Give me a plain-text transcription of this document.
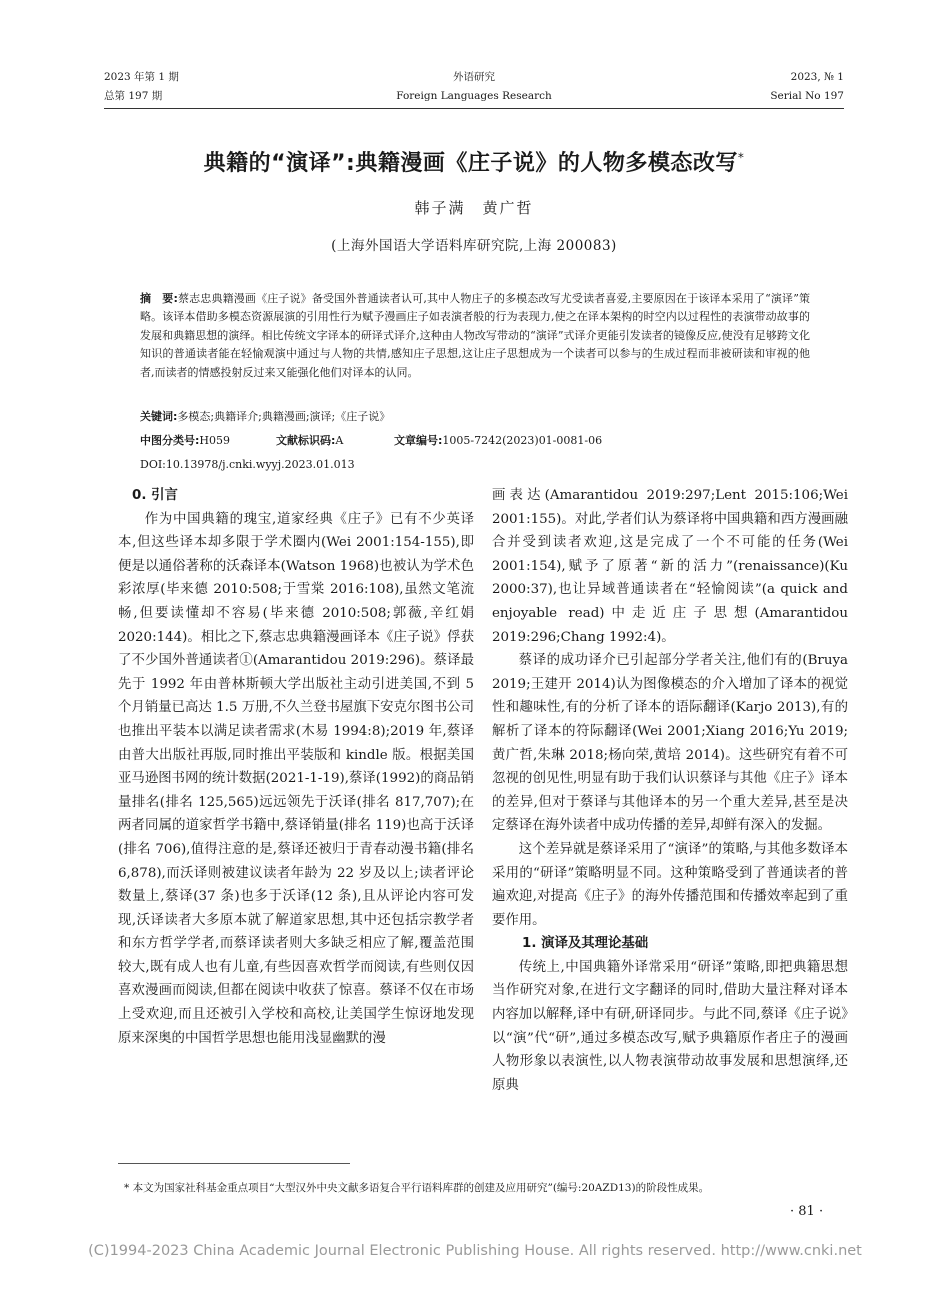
2023 年第 1 期
总第 197 期
外语研究
Foreign Languages Research
2023, № 1
Serial No 197
典籍的“演译”:典籍漫画《庄子说》的人物多模态改写*
韩子满　黄广哲
(上海外国语大学语料库研究院,上海 200083)
摘　要:蔡志忠典籍漫画《庄子说》备受国外普通读者认可,其中人物庄子的多模态改写尤受读者喜爱,主要原因在于该译本采用了“演译”策略。该译本借助多模态资源展演的引用性行为赋予漫画庄子如表演者般的行为表现力,使之在译本架构的时空内以过程性的表演带动故事的发展和典籍思想的演绎。相比传统文字译本的研译式译介,这种由人物改写带动的“演译”式译介更能引发读者的镜像反应,使没有足够跨文化知识的普通读者能在轻愉观演中通过与人物的共情,感知庄子思想,这让庄子思想成为一个读者可以参与的生成过程而非被研读和审视的他者,而读者的情感投射反过来又能强化他们对译本的认同。
关键词:多模态;典籍译介;典籍漫画;演译;《庄子说》
中图分类号:H059	文献标识码:A	文章编号:1005-7242(2023)01-0081-06
DOI:10.13978/j.cnki.wyyj.2023.01.013
0. 引言

作为中国典籍的瑰宝,道家经典《庄子》已有不少英译本,但这些译本却多限于学术圈内(Wei 2001:154-155),即便是以通俗著称的沃森译本(Watson 1968)也被认为学术色彩浓厚(毕来德 2010:508;于雪棠 2016:108),虽然文笔流畅,但要读懂却不容易(毕来德 2010:508;郭薇,辛红娟 2020:144)。相比之下,蔡志忠典籍漫画译本《庄子说》俘获了不少国外普通读者①(Amarantidou 2019:296)。蔡译最先于 1992 年由普林斯顿大学出版社主动引进美国,不到 5 个月销量已高达 1.5 万册,不久兰登书屋旗下安克尔图书公司也推出平装本以满足读者需求(木易 1994:8);2019 年,蔡译由普大出版社再版,同时推出平装版和 kindle 版。根据美国亚马逊图书网的统计数据(2021-1-19),蔡译(1992)的商品销量排名(排名 125,565)远远领先于沃译(排名 817,707);在两者同属的道家哲学书籍中,蔡译销量(排名 119)也高于沃译(排名 706),值得注意的是,蔡译还被归于青春动漫书籍(排名 6,878),而沃译则被建议读者年龄为 22 岁及以上;读者评论数量上,蔡译(37 条)也多于沃译(12 条),且从评论内容可发现,沃译读者大多原本就了解道家思想,其中还包括宗教学者和东方哲学学者,而蔡译读者则大多缺乏相应了解,覆盖范围较大,既有成人也有儿童,有些因喜欢哲学而阅读,有些则仅因喜欢漫画而阅读,但都在阅读中收获了惊喜。蔡译不仅在市场上受欢迎,而且还被引入学校和高校,让美国学生惊讶地发现原来深奥的中国哲学思想也能用浅显幽默的漫

画表达(Amarantidou 2019:297;Lent 2015:106;Wei 2001:155)。对此,学者们认为蔡译将中国典籍和西方漫画融合并受到读者欢迎,这是完成了一个不可能的任务(Wei 2001:154),赋予了原著“新的活力”(renaissance)(Ku 2000:37),也让异域普通读者在“轻愉阅读”(a quick and enjoyable read)中走近庄子思想(Amarantidou 2019:296;Chang 1992:4)。

蔡译的成功译介已引起部分学者关注,他们有的(Bruya 2019;王建开 2014)认为图像模态的介入增加了译本的视觉性和趣味性,有的分析了译本的语际翻译(Karjo 2013),有的解析了译本的符际翻译(Wei 2001;Xiang 2016;Yu 2019;黄广哲,朱琳 2018;杨向荣,黄培 2014)。这些研究有着不可忽视的创见性,明显有助于我们认识蔡译与其他《庄子》译本的差异,但对于蔡译与其他译本的另一个重大差异,甚至是决定蔡译在海外读者中成功传播的差异,却鲜有深入的发掘。

这个差异就是蔡译采用了“演译”的策略,与其他多数译本采用的“研译”策略明显不同。这种策略受到了普通读者的普遍欢迎,对提高《庄子》的海外传播范围和传播效率起到了重要作用。

1. 演译及其理论基础

传统上,中国典籍外译常采用“研译”策略,即把典籍思想当作研究对象,在进行文字翻译的同时,借助大量注释对译本内容加以解释,译中有研,研译同步。与此不同,蔡译《庄子说》以“演”代“研”,通过多模态改写,赋予典籍原作者庄子的漫画人物形象以表演性,以人物表演带动故事发展和思想演绎,还原典

* 本文为国家社科基金重点项目“大型汉外中央文献多语复合平行语料库群的创建及应用研究”(编号:20AZD13)的阶段性成果。
· 81 ·
(C)1994-2023 China Academic Journal Electronic Publishing House. All rights reserved. http://www.cnki.net
